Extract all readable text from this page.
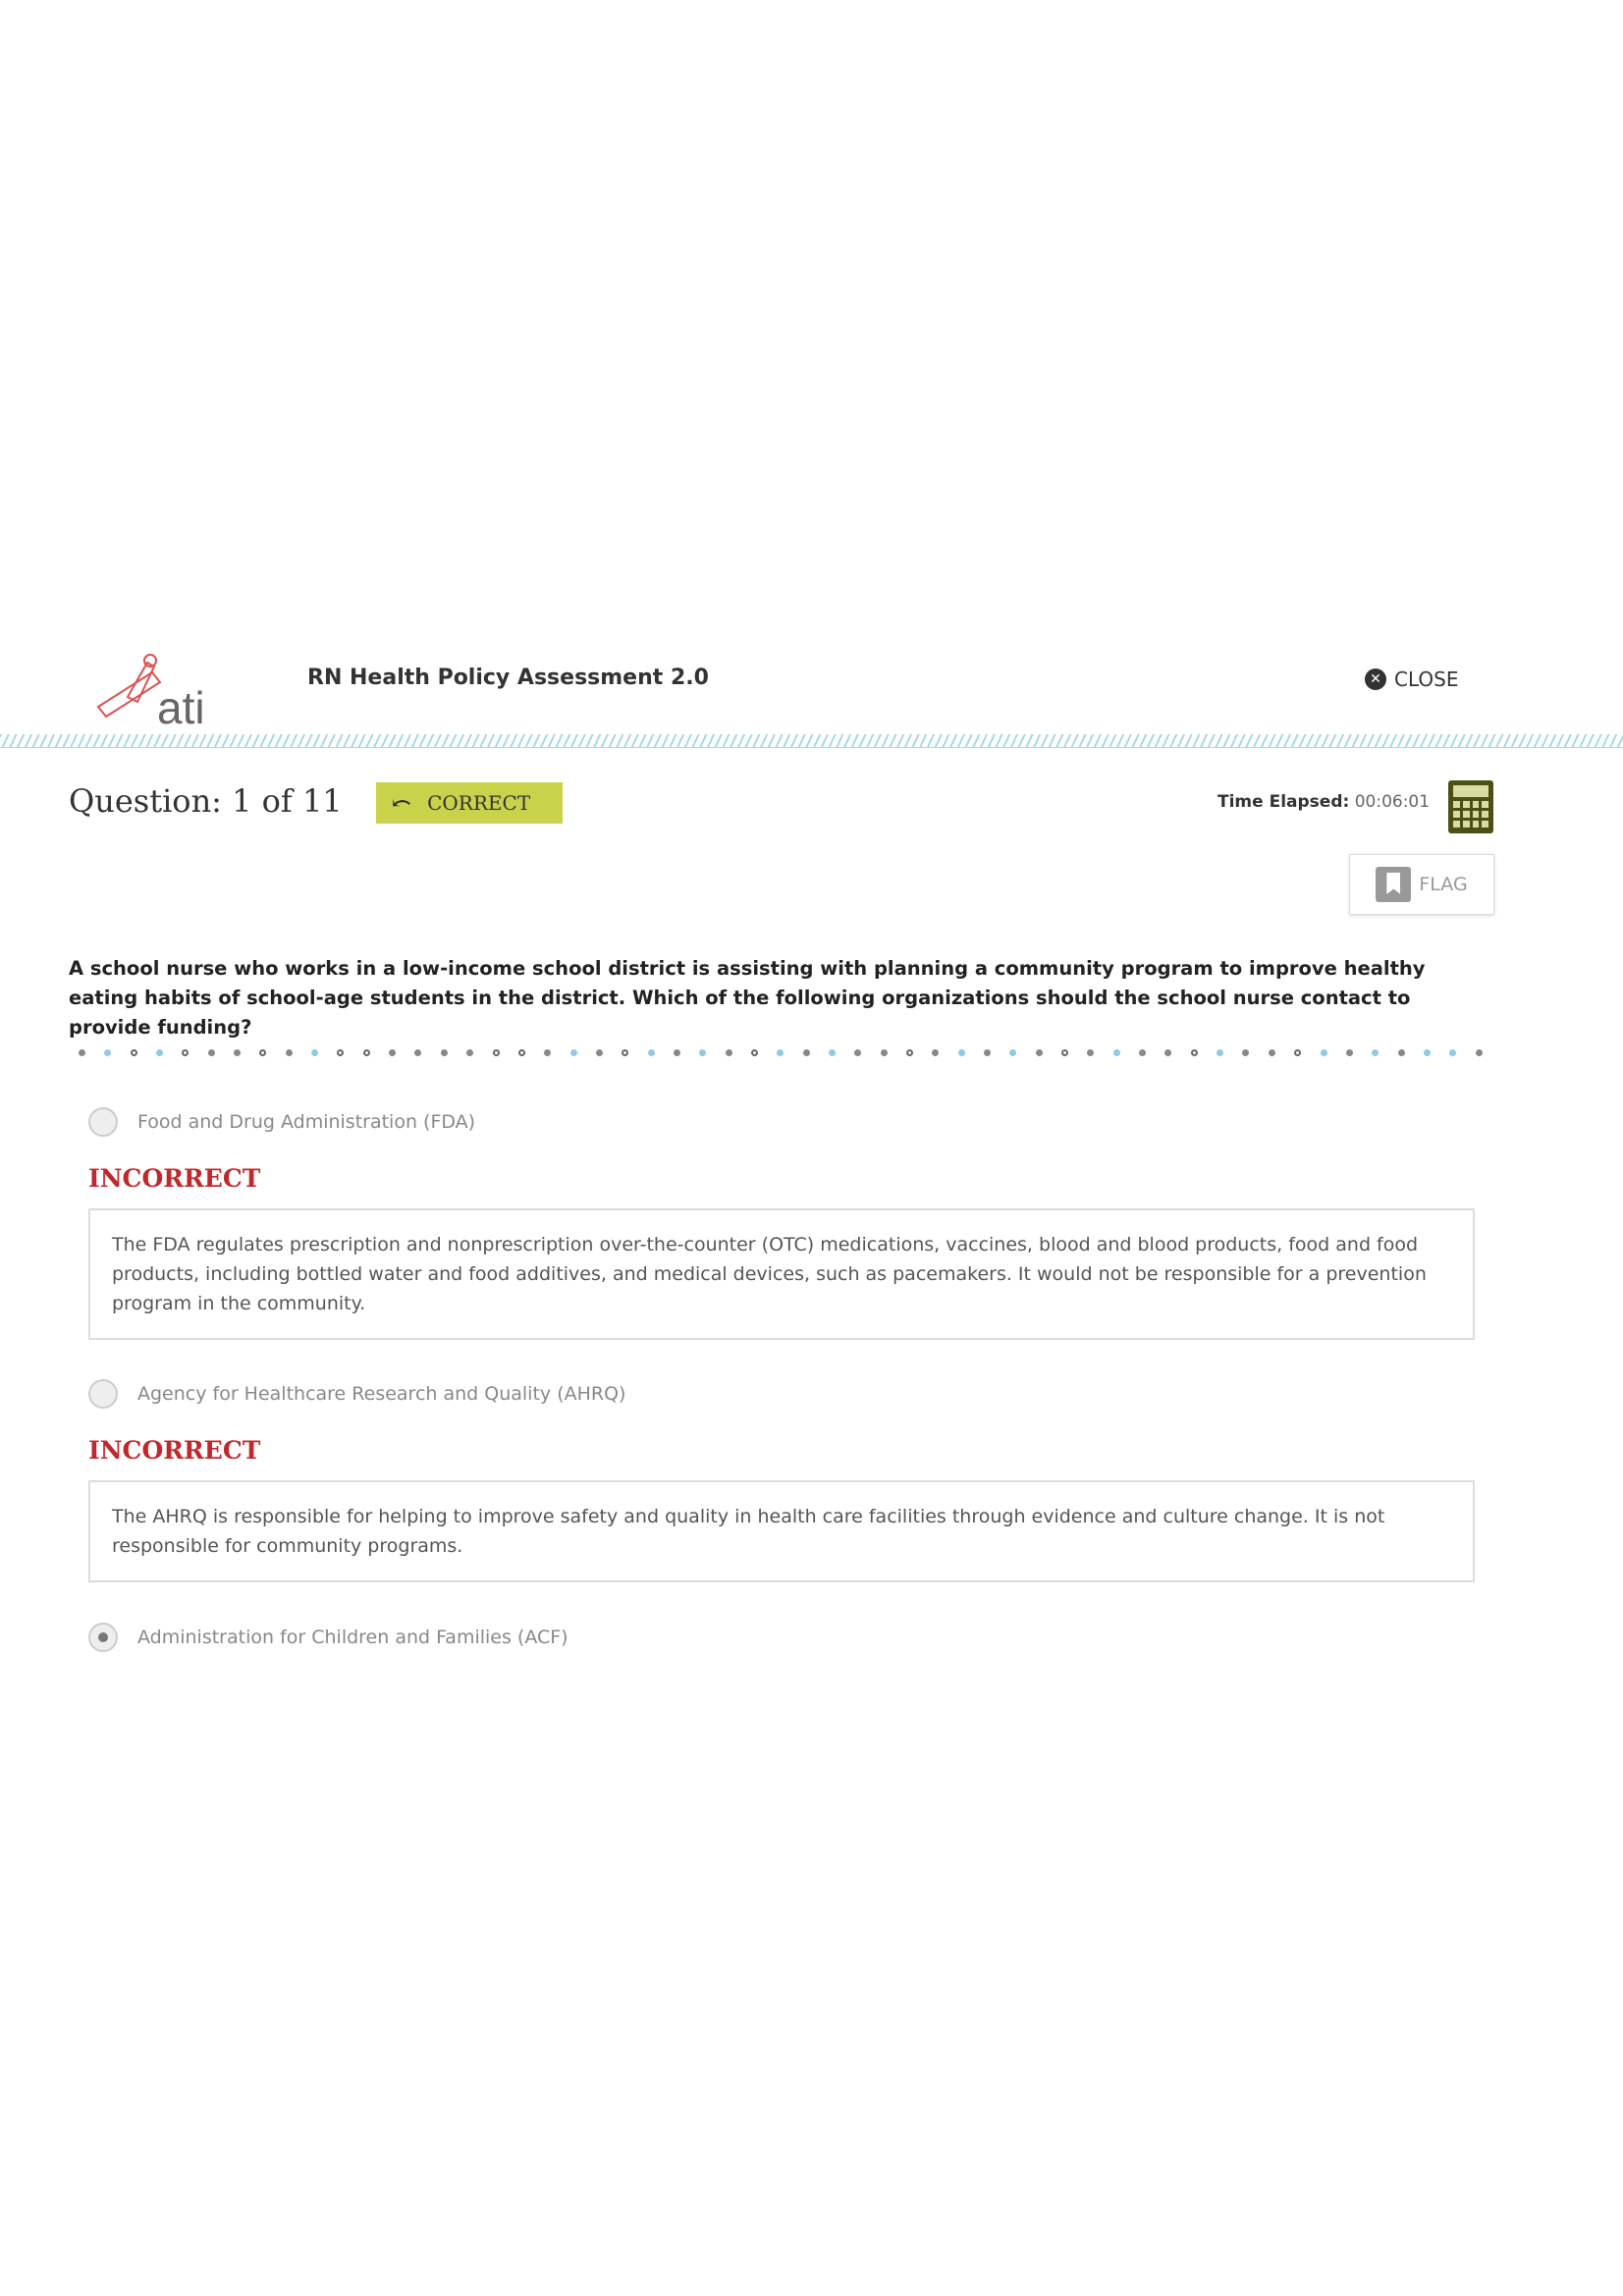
ati
RN Health Policy Assessment 2.0	✕ CLOSE
Question: 1 of 11 ⤺ CORRECT	Time Elapsed: 00:06:01
FLAG
A school nurse who works in a low-income school district is assisting with planning a community program to improve healthy eating habits of school-age students in the district. Which of the following organizations should the school nurse contact to provide funding?
Food and Drug Administration (FDA)
INCORRECT
The FDA regulates prescription and nonprescription over-the-counter (OTC) medications, vaccines, blood and blood products, food and food products, including bottled water and food additives, and medical devices, such as pacemakers. It would not be responsible for a prevention program in the community.
Agency for Healthcare Research and Quality (AHRQ)
INCORRECT
The AHRQ is responsible for helping to improve safety and quality in health care facilities through evidence and culture change. It is not responsible for community programs.
Administration for Children and Families (ACF)
